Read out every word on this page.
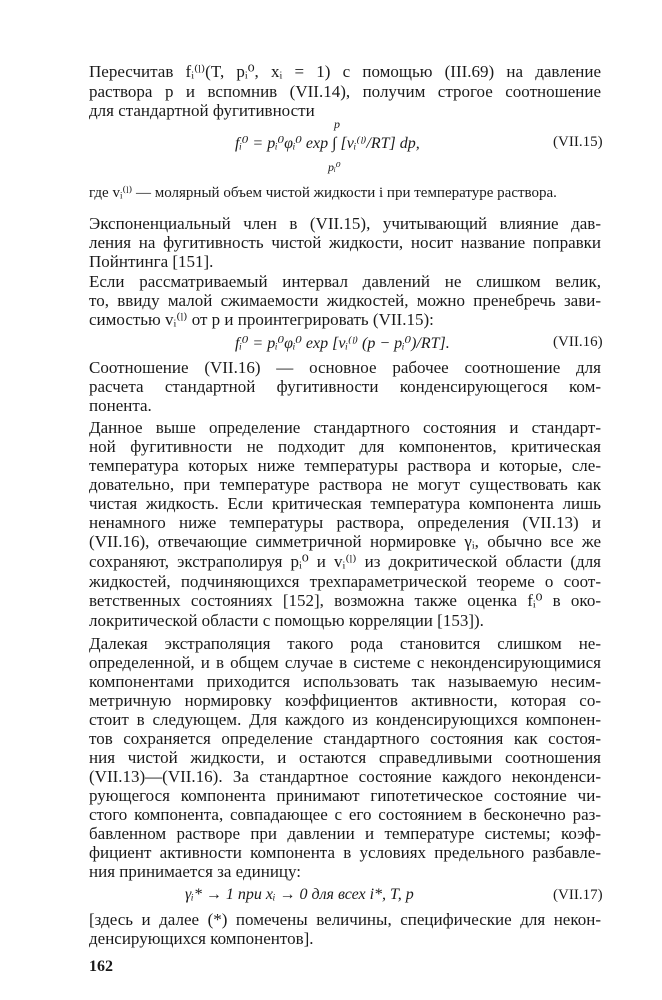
Пересчитав fᵢ⁽ˡ⁾(T, pᵢ⁰, xᵢ = 1) с помощью (III.69) на давление
раствора p и вспомнив (VII.14), получим строгое соотношение
для стандартной фугитивности
p
fᵢ⁰ = pᵢ⁰φᵢ⁰ exp ∫ [vᵢ⁽ˡ⁾/RT] dp,
pᵢ⁰
(VII.15)
где vᵢ⁽ˡ⁾ — молярный объем чистой жидкости i при температуре раствора.
Экспоненциальный член в (VII.15), учитывающий влияние дав-
ления на фугитивность чистой жидкости, носит название поправки
Пойнтинга [151].
Если рассматриваемый интервал давлений не слишком велик,
то, ввиду малой сжимаемости жидкостей, можно пренебречь зави-
симостью vᵢ⁽ˡ⁾ от p и проинтегрировать (VII.15):
fᵢ⁰ = pᵢ⁰φᵢ⁰ exp [vᵢ⁽ˡ⁾ (p − pᵢ⁰)/RT].	(VII.16)
Соотношение (VII.16) — основное рабочее соотношение для
расчета стандартной фугитивности конденсирующегося ком-
понента.
Данное выше определение стандартного состояния и стандарт-
ной фугитивности не подходит для компонентов, критическая
температура которых ниже температуры раствора и которые, сле-
довательно, при температуре раствора не могут существовать как
чистая жидкость. Если критическая температура компонента лишь
ненамного ниже температуры раствора, определения (VII.13) и
(VII.16), отвечающие симметричной нормировке γᵢ, обычно все же
сохраняют, экстраполируя pᵢ⁰ и vᵢ⁽ˡ⁾ из докритической области (для
жидкостей, подчиняющихся трехпараметрической теореме о соот-
ветственных состояниях [152], возможна также оценка fᵢ⁰ в око-
локритической области с помощью корреляции [153]).
Далекая экстраполяция такого рода становится слишком не-
определенной, и в общем случае в системе с неконденсирующимися
компонентами приходится использовать так называемую несим-
метричную нормировку коэффициентов активности, которая со-
стоит в следующем. Для каждого из конденсирующихся компонен-
тов сохраняется определение стандартного состояния как состоя-
ния чистой жидкости, и остаются справедливыми соотношения
(VII.13)—(VII.16). За стандартное состояние каждого неконденси-
рующегося компонента принимают гипотетическое состояние чи-
стого компонента, совпадающее с его состоянием в бесконечно раз-
бавленном растворе при давлении и температуре системы; коэф-
фициент активности компонента в условиях предельного разбавле-
ния принимается за единицу:
γᵢ* → 1 при xᵢ → 0 для всех i*, T, p	(VII.17)
[здесь и далее (*) помечены величины, специфические для некон-
денсирующихся компонентов].
162
